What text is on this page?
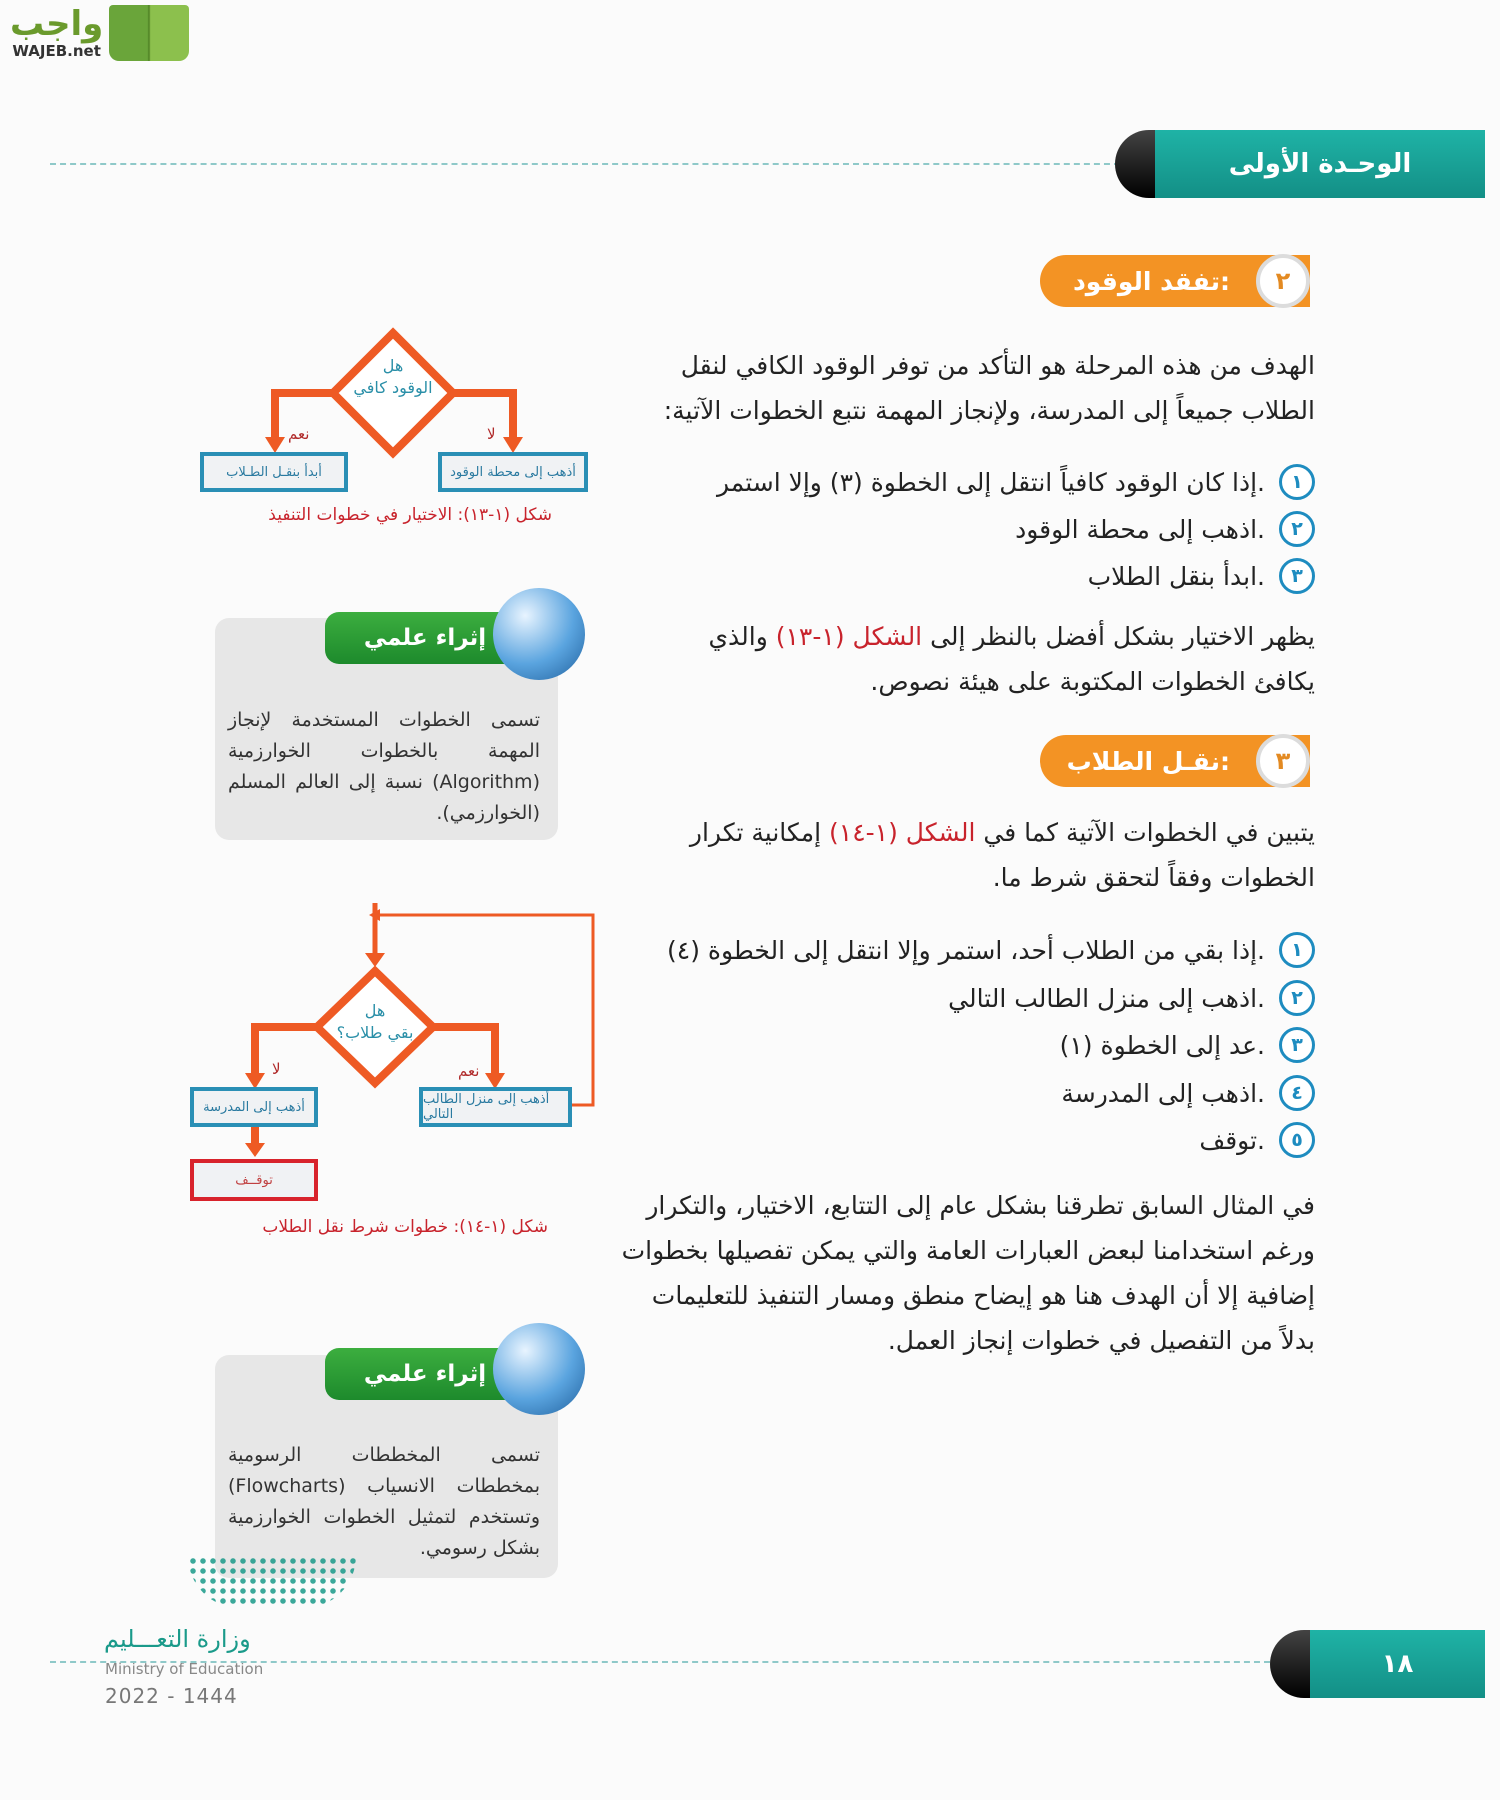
واجب
WAJEB.net
الوحـدة الأولى
تفقد الوقود:	٢
الهدف من هذه المرحلة هو التأكد من توفر الوقود الكافي لنقل
الطلاب جميعاً إلى المدرسة، ولإنجاز المهمة نتبع الخطوات الآتية:
١
إذا كان الوقود كافياً انتقل إلى الخطوة (٣) وإلا استمر.
٢
اذهب إلى محطة الوقود.
٣
ابدأ بنقل الطلاب.
يظهر الاختيار بشكل أفضل بالنظر إلى الشكل (١-١٣) والذي
يكافئ الخطوات المكتوبة على هيئة نصوص.
هل
الوقود كافي
نعم	لا
أبدأ بنقـل الطـلاب	أذهب إلى محطة الوقود
شكل (١-١٣): الاختيار في خطوات التنفيذ
إثراء علمي
تسمى الخطوات المستخدمة لإنجاز المهمة بالخطوات الخوارزمية (Algorithm) نسبة إلى العالم المسلم (الخوارزمي).
نقـل الطلاب:	٣
يتبين في الخطوات الآتية كما في الشكل (١-١٤) إمكانية تكرار
الخطوات وفقاً لتحقق شرط ما.
١
إذا بقي من الطلاب أحد، استمر وإلا انتقل إلى الخطوة (٤).
٢
اذهب إلى منزل الطالب التالي.
٣
عد إلى الخطوة (١).
٤
اذهب إلى المدرسة.
٥
توقف.
في المثال السابق تطرقنا بشكل عام إلى التتابع، الاختيار، والتكرار
ورغم استخدامنا لبعض العبارات العامة والتي يمكن تفصيلها بخطوات
إضافية إلا أن الهدف هنا هو إيضاح منطق ومسار التنفيذ للتعليمات
بدلاً من التفصيل في خطوات إنجاز العمل.
هل
بقي طلاب؟
لا	نعم
أذهب إلى المدرسة	أذهب إلى منزل الطالب التالي
توقــف
شكل (١-١٤): خطوات شرط نقل الطلاب
إثراء علمي
تسمى المخططات الرسومية بمخططات الانسياب (Flowcharts) وتستخدم لتمثيل الخطوات الخوارزمية بشكل رسومي.
وزارة التعـــليم
Ministry of Education
2022 - 1444
١٨
